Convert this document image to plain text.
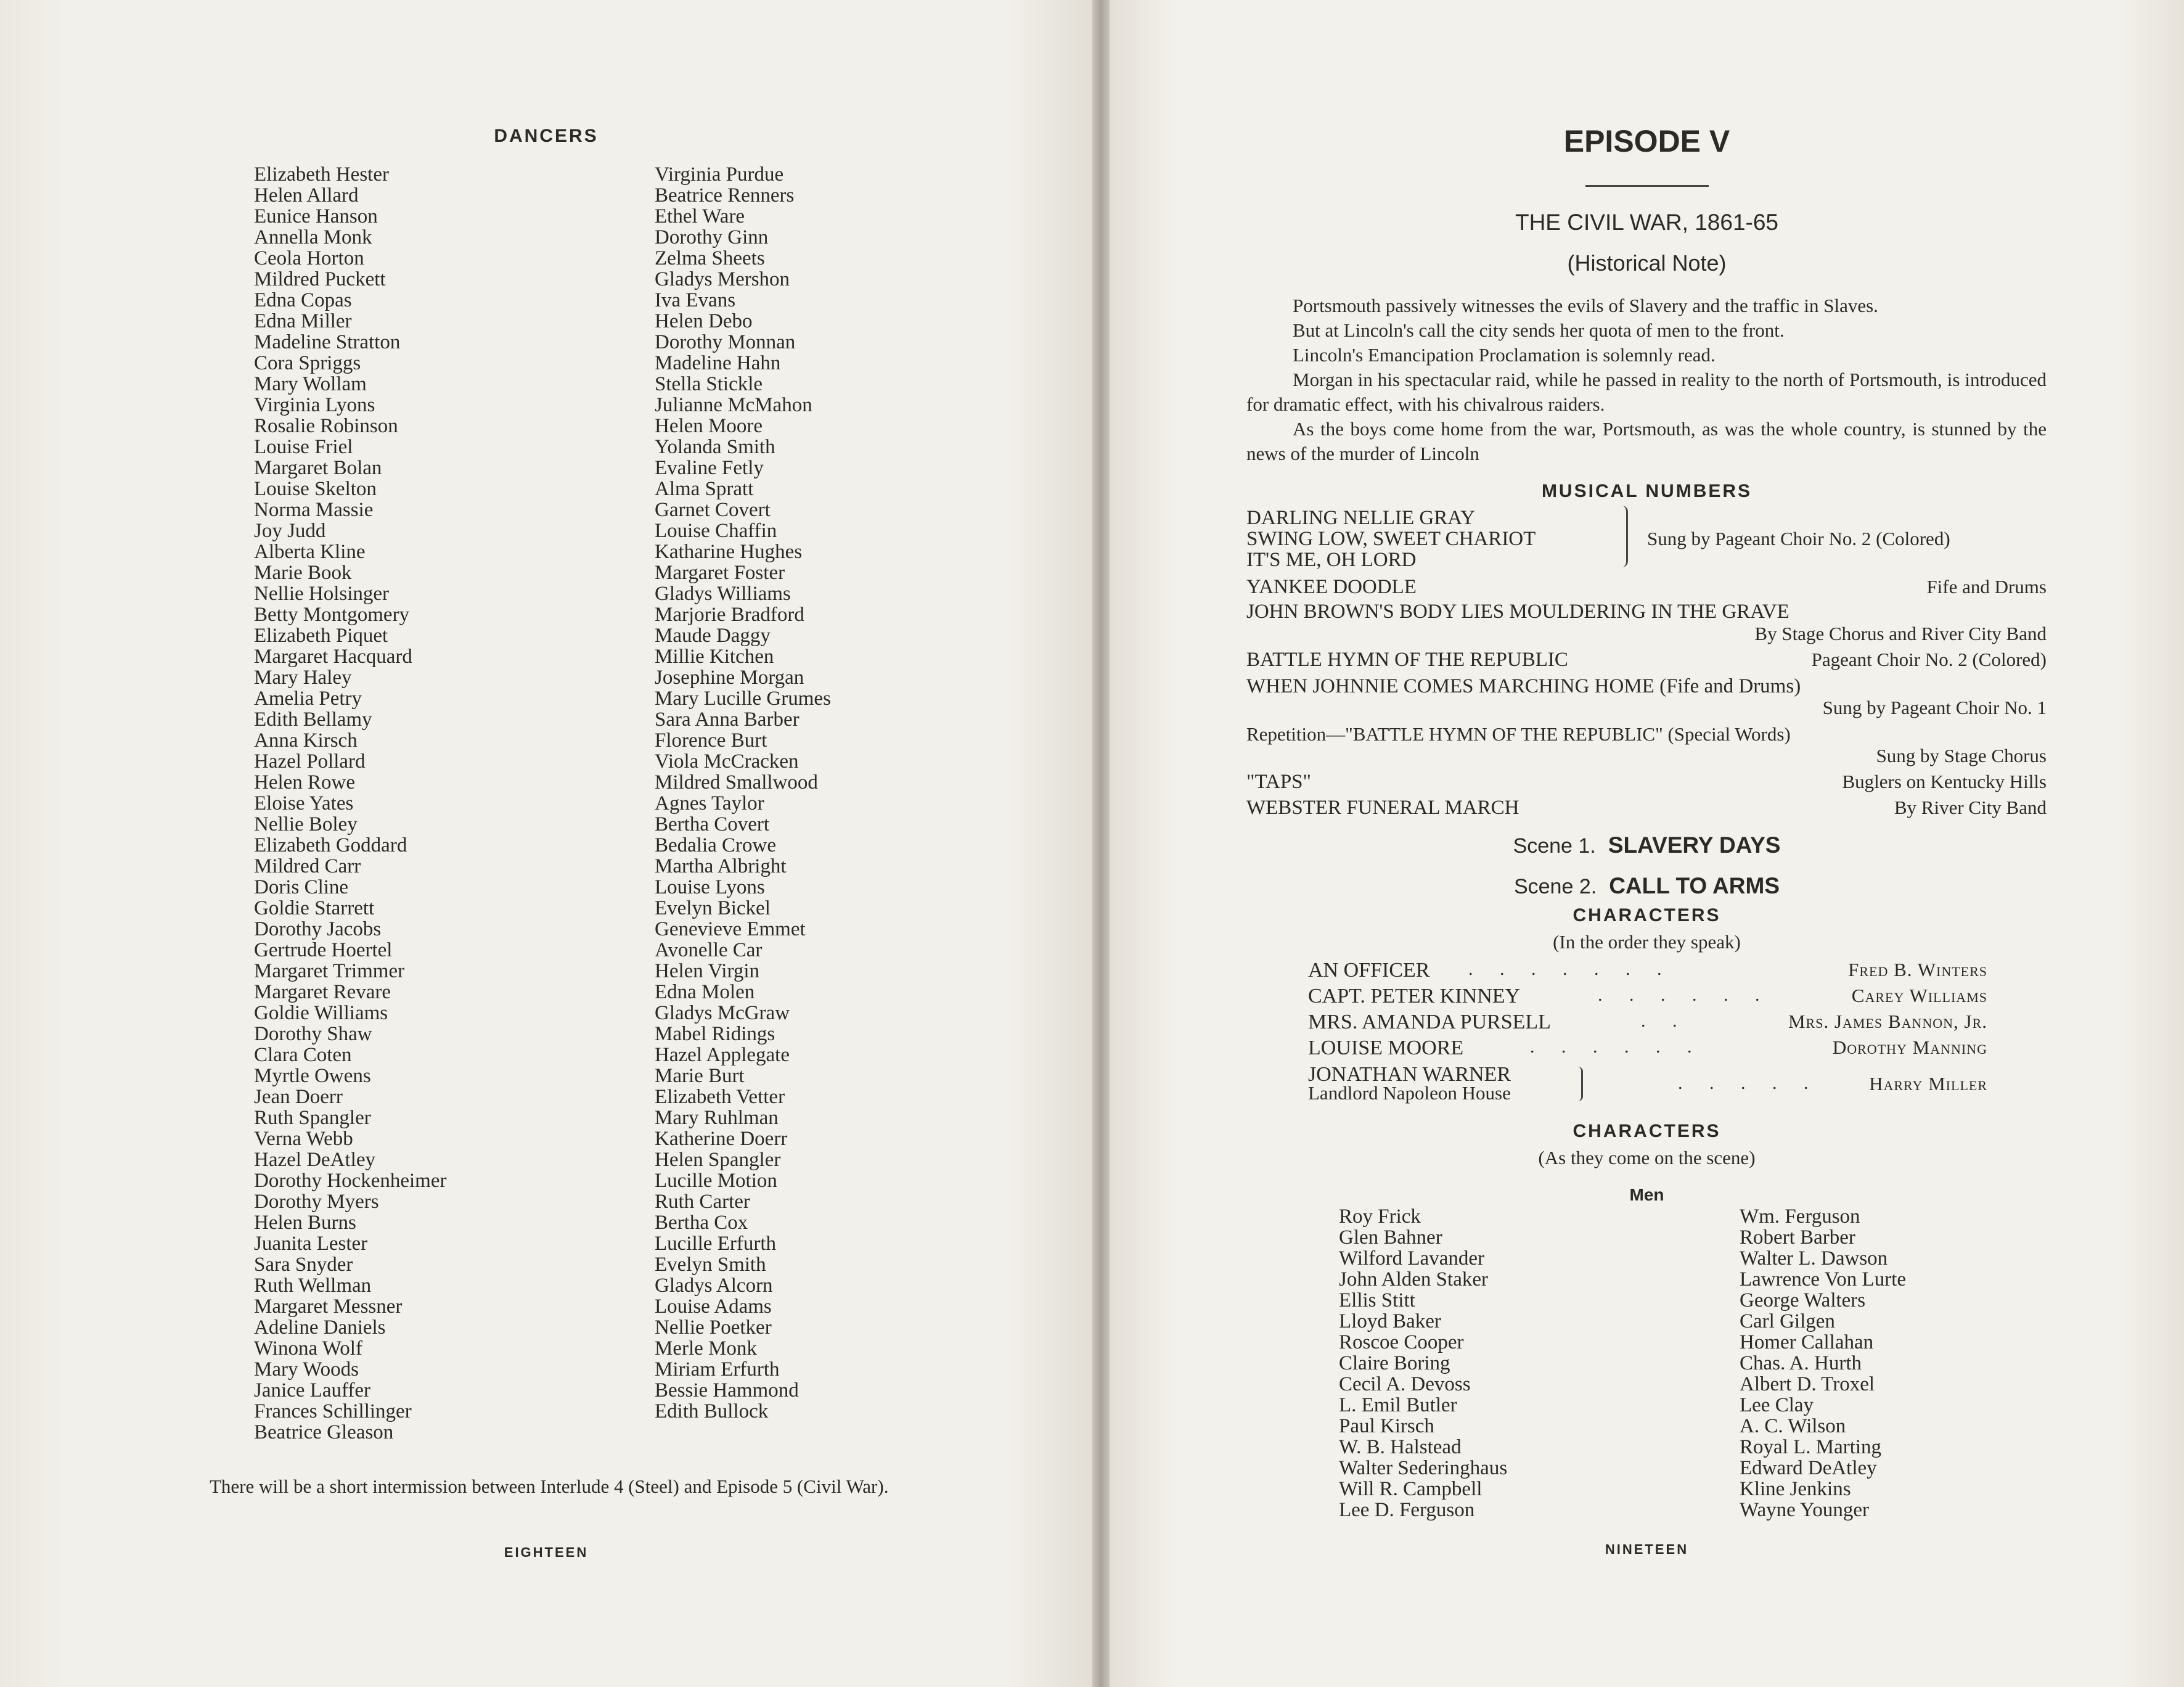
DANCERS
Elizabeth Hester
Helen Allard
Eunice Hanson
Annella Monk
Ceola Horton
Mildred Puckett
Edna Copas
Edna Miller
Madeline Stratton
Cora Spriggs
Mary Wollam
Virginia Lyons
Rosalie Robinson
Louise Friel
Margaret Bolan
Louise Skelton
Norma Massie
Joy Judd
Alberta Kline
Marie Book
Nellie Holsinger
Betty Montgomery
Elizabeth Piquet
Margaret Hacquard
Mary Haley
Amelia Petry
Edith Bellamy
Anna Kirsch
Hazel Pollard
Helen Rowe
Eloise Yates
Nellie Boley
Elizabeth Goddard
Mildred Carr
Doris Cline
Goldie Starrett
Dorothy Jacobs
Gertrude Hoertel
Margaret Trimmer
Margaret Revare
Goldie Williams
Dorothy Shaw
Clara Coten
Myrtle Owens
Jean Doerr
Ruth Spangler
Verna Webb
Hazel DeAtley
Dorothy Hockenheimer
Dorothy Myers
Helen Burns
Juanita Lester
Sara Snyder
Ruth Wellman
Margaret Messner
Adeline Daniels
Winona Wolf
Mary Woods
Janice Lauffer
Frances Schillinger
Beatrice Gleason
Virginia Purdue
Beatrice Renners
Ethel Ware
Dorothy Ginn
Zelma Sheets
Gladys Mershon
Iva Evans
Helen Debo
Dorothy Monnan
Madeline Hahn
Stella Stickle
Julianne McMahon
Helen Moore
Yolanda Smith
Evaline Fetly
Alma Spratt
Garnet Covert
Louise Chaffin
Katharine Hughes
Margaret Foster
Gladys Williams
Marjorie Bradford
Maude Daggy
Millie Kitchen
Josephine Morgan
Mary Lucille Grumes
Sara Anna Barber
Florence Burt
Viola McCracken
Mildred Smallwood
Agnes Taylor
Bertha Covert
Bedalia Crowe
Martha Albright
Louise Lyons
Evelyn Bickel
Genevieve Emmet
Avonelle Car
Helen Virgin
Edna Molen
Gladys McGraw
Mabel Ridings
Hazel Applegate
Marie Burt
Elizabeth Vetter
Mary Ruhlman
Katherine Doerr
Helen Spangler
Lucille Motion
Ruth Carter
Bertha Cox
Lucille Erfurth
Evelyn Smith
Gladys Alcorn
Louise Adams
Nellie Poetker
Merle Monk
Miriam Erfurth
Bessie Hammond
Edith Bullock
There will be a short intermission between Interlude 4 (Steel) and Episode 5 (Civil War).
EIGHTEEN
EPISODE V
THE CIVIL WAR, 1861-65
(Historical Note)
Portsmouth passively witnesses the evils of Slavery and the traffic in Slaves.
But at Lincoln's call the city sends her quota of men to the front.
Lincoln's Emancipation Proclamation is solemnly read.
Morgan in his spectacular raid, while he passed in reality to the north of Portsmouth, is introduced for dramatic effect, with his chivalrous raiders.
As the boys come home from the war, Portsmouth, as was the whole country, is stunned by the news of the murder of Lincoln
MUSICAL NUMBERS
DARLING NELLIE GRAY
SWING LOW, SWEET CHARIOT
IT'S ME, OH LORD
Sung by Pageant Choir No. 2 (Colored)
YANKEE DOODLE	Fife and Drums
JOHN BROWN'S BODY LIES MOULDERING IN THE GRAVE
By Stage Chorus and River City Band
BATTLE HYMN OF THE REPUBLIC	Pageant Choir No. 2 (Colored)
WHEN JOHNNIE COMES MARCHING HOME (Fife and Drums)
Sung by Pageant Choir No. 1
Repetition—"BATTLE HYMN OF THE REPUBLIC" (Special Words)
Sung by Stage Chorus
"TAPS"	Buglers on Kentucky Hills
WEBSTER FUNERAL MARCH	By River City Band
Scene 1. SLAVERY DAYS
Scene 2. CALL TO ARMS
CHARACTERS
(In the order they speak)
AN OFFICER . . . . . . .	Fred B. Winters
CAPT. PETER KINNEY	. . . . . .	Carey Williams
MRS. AMANDA PURSELL	. .	Mrs. James Bannon, Jr.
LOUISE MOORE	. . . . . .	Dorothy Manning
JONATHAN WARNER	. . . . .	Harry Miller
Landlord Napoleon House
CHARACTERS
(As they come on the scene)
Men
Roy Frick
Glen Bahner
Wilford Lavander
John Alden Staker
Ellis Stitt
Lloyd Baker
Roscoe Cooper
Claire Boring
Cecil A. Devoss
L. Emil Butler
Paul Kirsch
W. B. Halstead
Walter Sederinghaus
Will R. Campbell
Lee D. Ferguson
Wm. Ferguson
Robert Barber
Walter L. Dawson
Lawrence Von Lurte
George Walters
Carl Gilgen
Homer Callahan
Chas. A. Hurth
Albert D. Troxel
Lee Clay
A. C. Wilson
Royal L. Marting
Edward DeAtley
Kline Jenkins
Wayne Younger
NINETEEN
